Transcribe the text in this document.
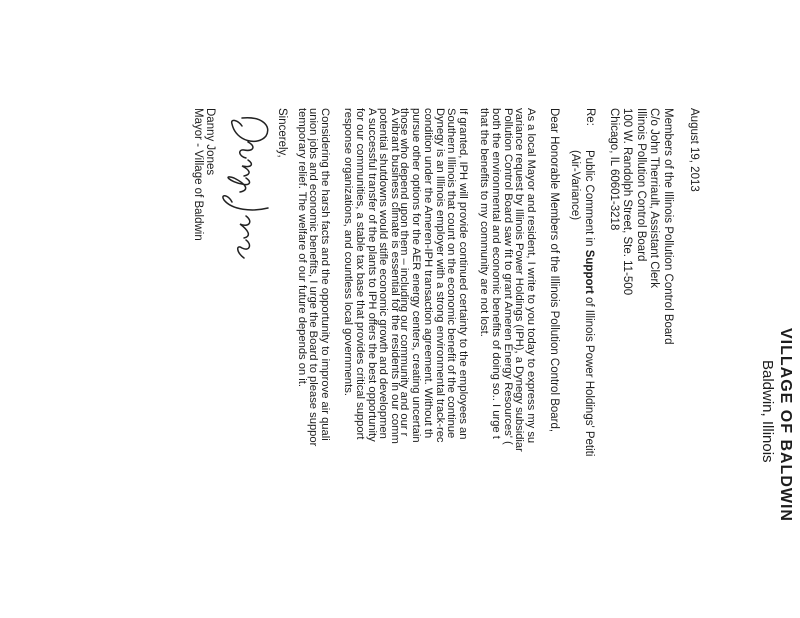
VILLAGE OF BALDWIN
Baldwin, Illinois
August 19, 2013
Members of the Illinois Pollution Control Board
C/o John Therriault, Assistant Clerk
Illinois Pollution Control Board
100 W. Randolph Street, Ste. 11-500
Chicago, IL 60601-3218
Re:
Public Comment in Support of Illinois Power Holdings' Petiti
(Air-Variance)
Dear Honorable Members of the Illinois Pollution Control Board,
As a local Mayor and resident, I write to you today to express my su
variance request by Illinois Power Holdings (IPH), a Dynegy subsidiar
Pollution Control Board saw fit to grant Ameren Energy Resources' (
both the environmental and economic benefits of doing so.. I urge t
that the benefits to my community are not lost.
If granted, IPH will provide continued certainty to the employees an
Southern Illinois that count on the economic benefit of the continue
Dynegy is an Illinois employer with a strong environmental track-rec
condition under the Ameren-IPH transaction agreement. Without th
pursue other options for the AER energy centers, creating uncertain
those who depend upon them – including our community and our r
A vibrant business climate is essential for the residents in our comm
potential shutdowns would stifle economic growth and developmen
A successful transfer of the plants to IPH offers the best opportunity
for our communities, a stable tax base that provides critical support
response organizations, and countless local governments.
Considering the harsh facts and the opportunity to improve air quali
union jobs and economic benefits, I urge the Board to please suppor
temporary relief. The welfare of our future depends on it.
Sincerely,
Danny Jones
Mayor - Village of Baldwin
